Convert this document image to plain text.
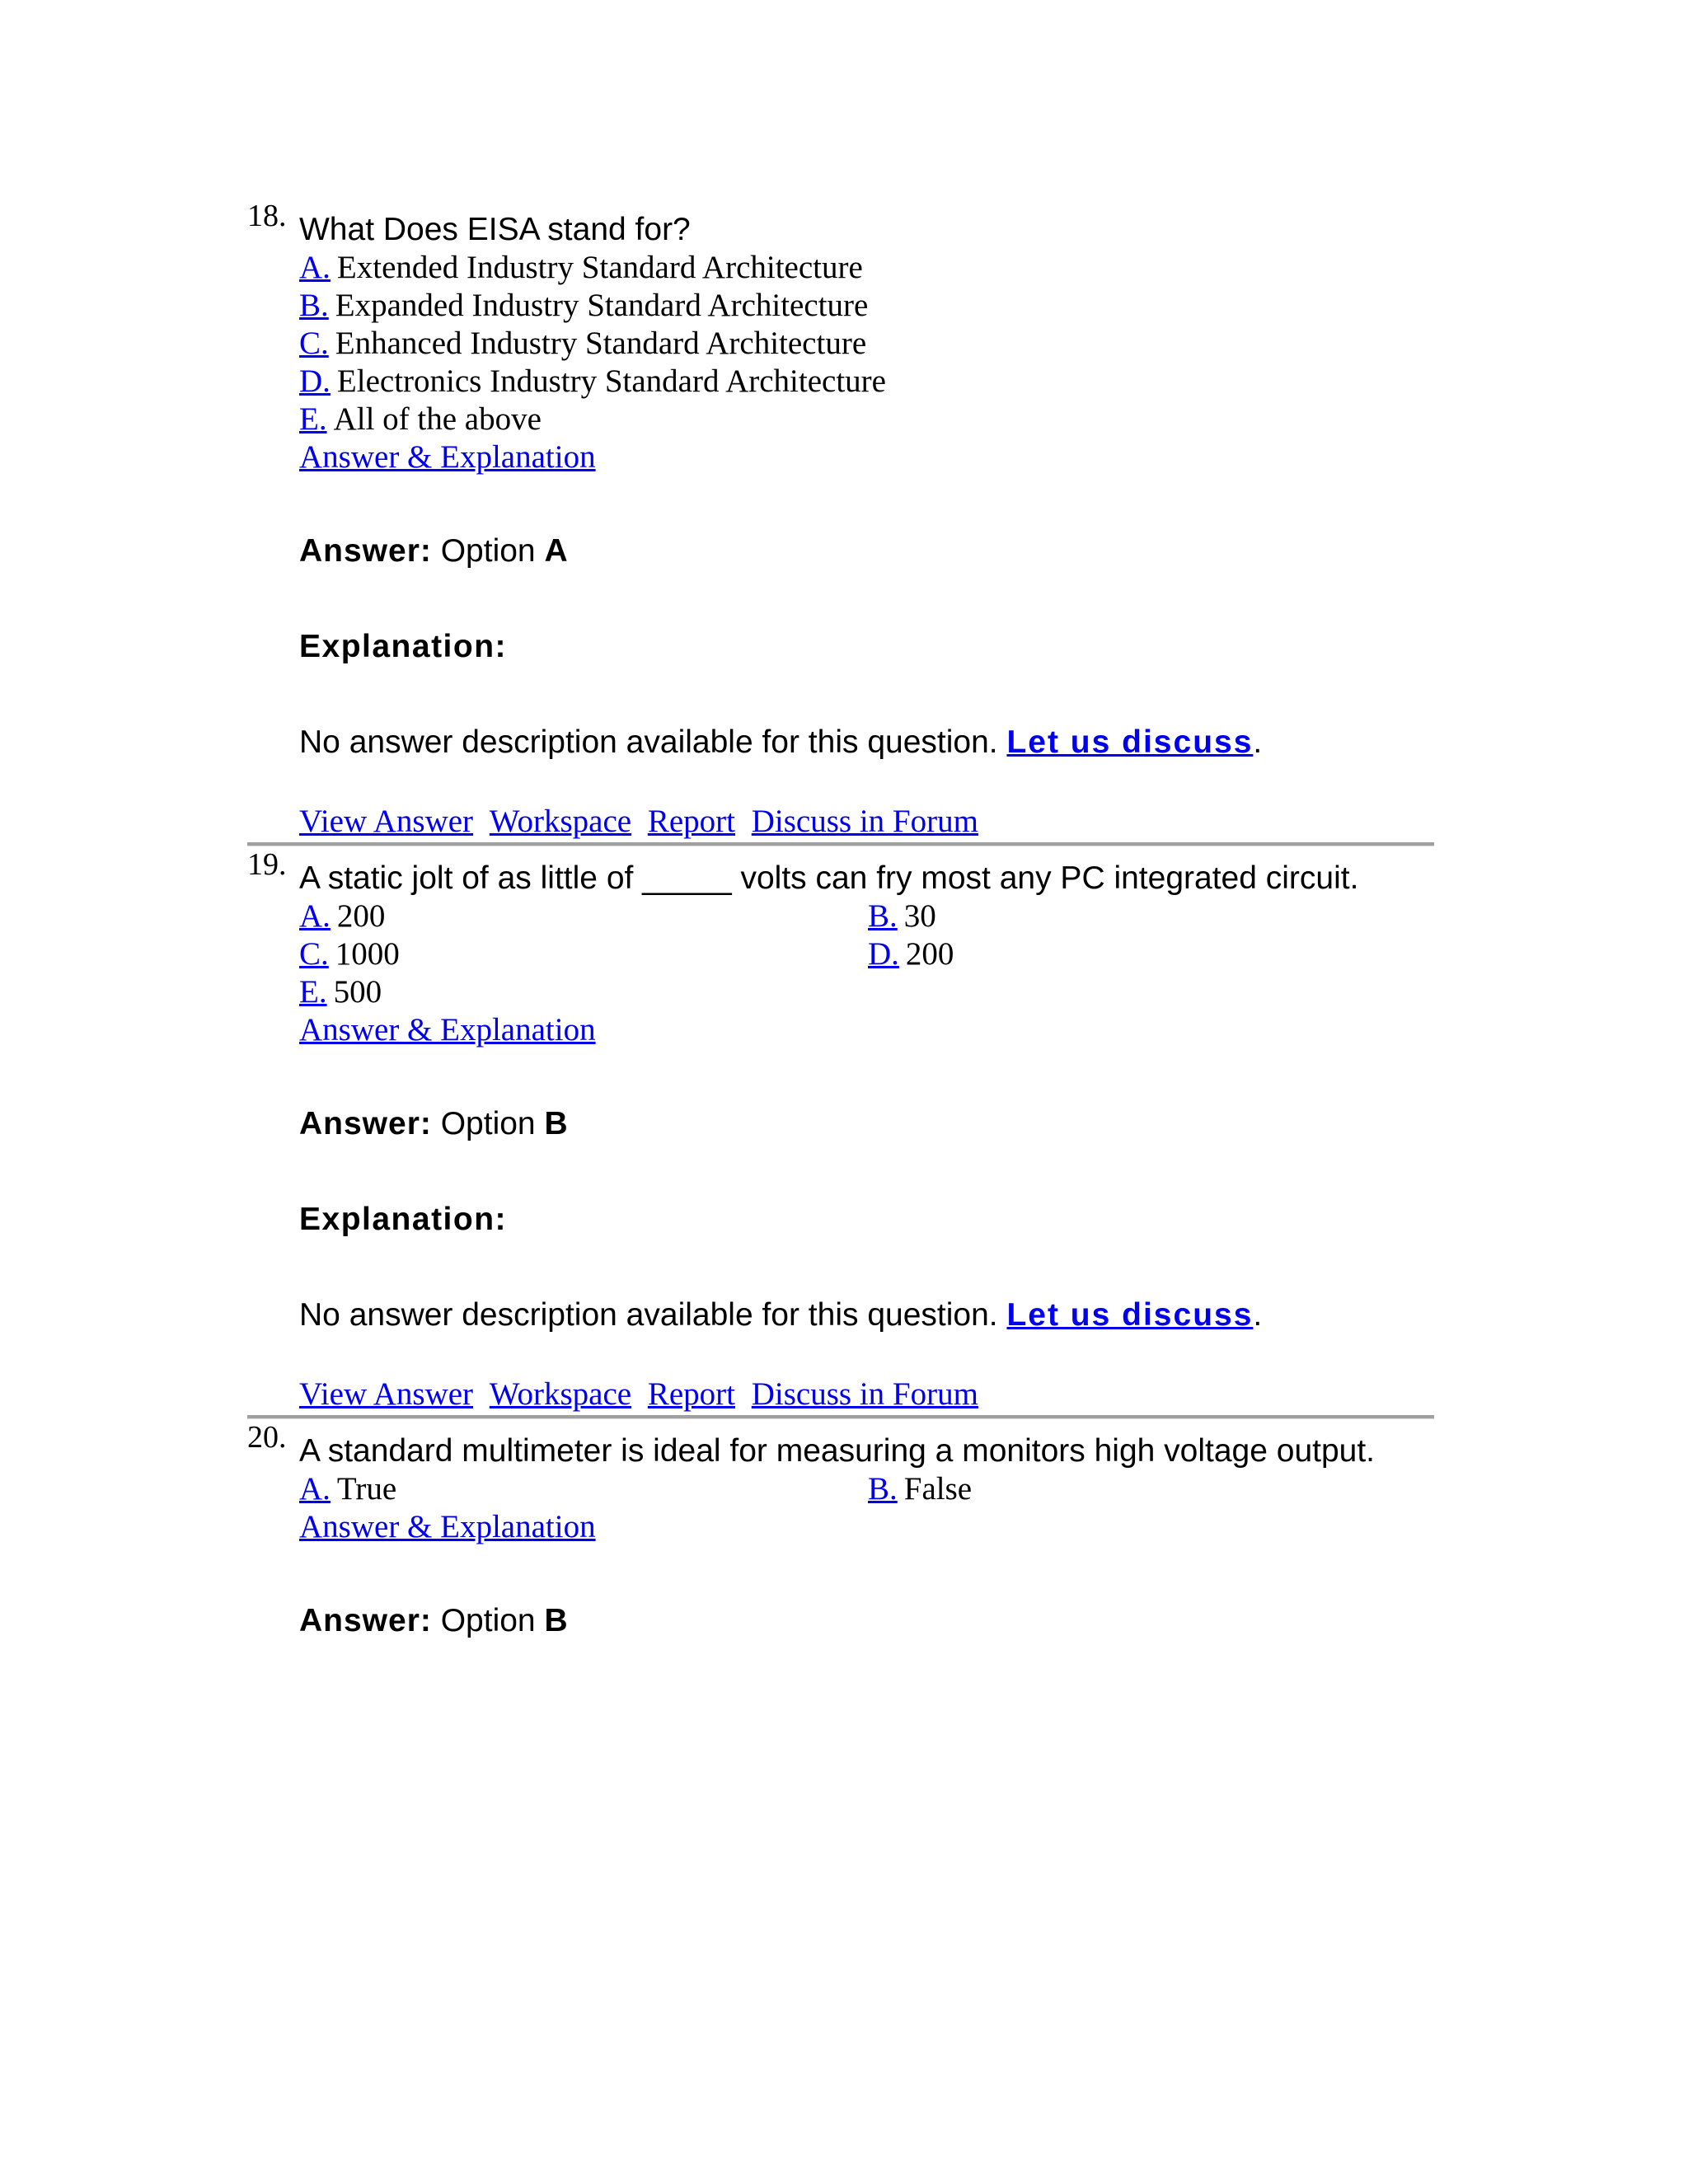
18. What Does EISA stand for?
A. Extended Industry Standard Architecture
B. Expanded Industry Standard Architecture
C. Enhanced Industry Standard Architecture
D. Electronics Industry Standard Architecture
E. All of the above
Answer & Explanation
Answer: Option A
Explanation:
No answer description available for this question. Let us discuss.
View Answer Workspace Report Discuss in Forum
19. A static jolt of as little of _____ volts can fry most any PC integrated circuit.
A. 200	B. 30
C. 1000	D. 200
E. 500
Answer & Explanation
Answer: Option B
Explanation:
No answer description available for this question. Let us discuss.
View Answer Workspace Report Discuss in Forum
20. A standard multimeter is ideal for measuring a monitors high voltage output.
A. True	B. False
Answer & Explanation
Answer: Option B
